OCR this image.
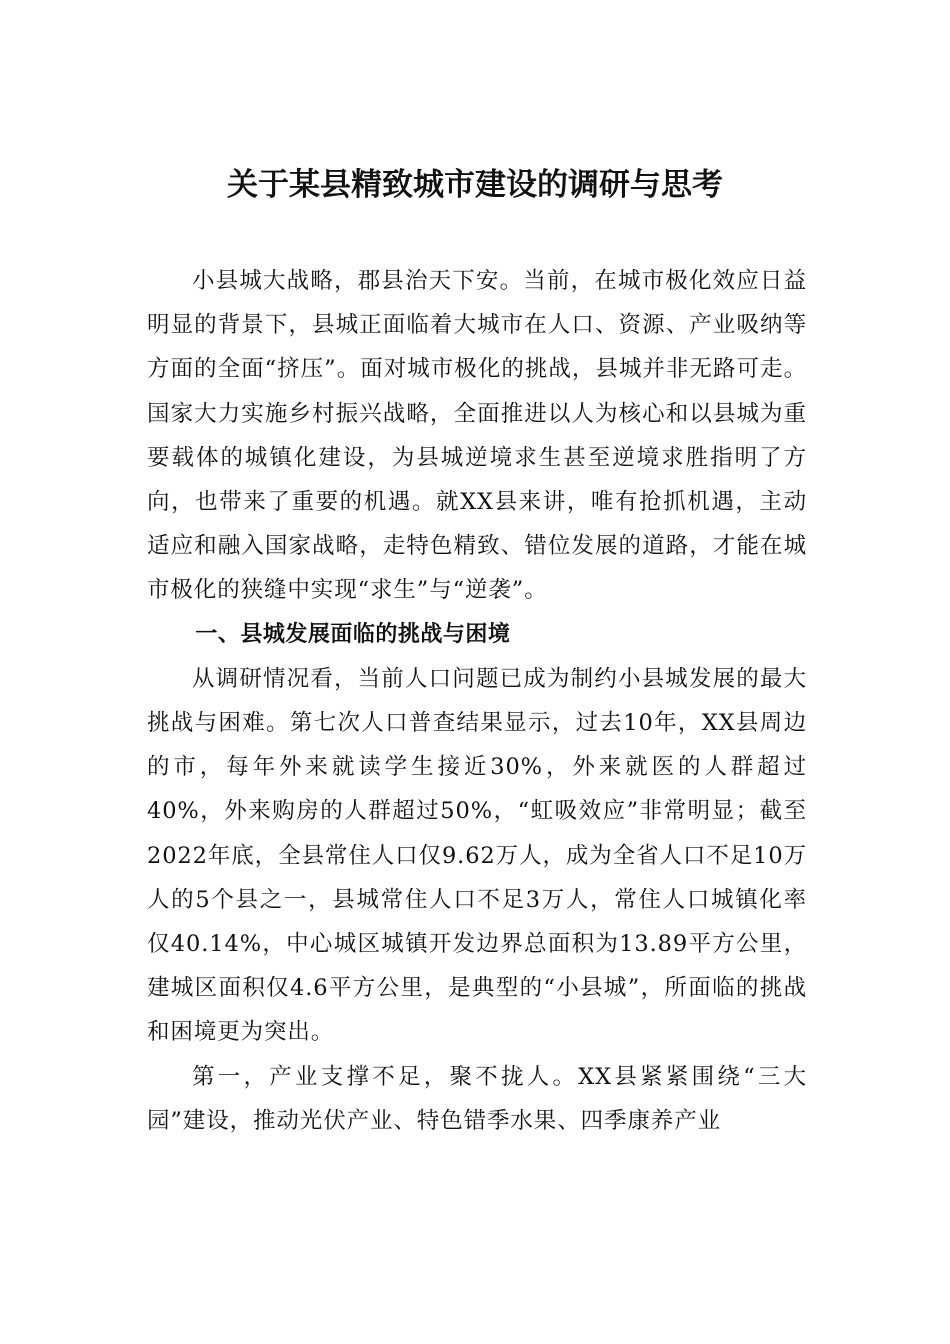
关于某县精致城市建设的调研与思考

小县城大战略，郡县治天下安。当前，在城市极化效应日益明显的背景下，县城正面临着大城市在人口、资源、产业吸纳等方面的全面“挤压”。面对城市极化的挑战，县城并非无路可走。国家大力实施乡村振兴战略，全面推进以人为核心和以县城为重要载体的城镇化建设，为县城逆境求生甚至逆境求胜指明了方向，也带来了重要的机遇。就XX县来讲，唯有抢抓机遇，主动适应和融入国家战略，走特色精致、错位发展的道路，才能在城市极化的狭缝中实现“求生”与“逆袭”。

一、县城发展面临的挑战与困境

从调研情况看，当前人口问题已成为制约小县城发展的最大挑战与困难。第七次人口普查结果显示，过去10年，XX县周边的市，每年外来就读学生接近30%，外来就医的人群超过40%，外来购房的人群超过50%，“虹吸效应”非常明显；截至2022年底，全县常住人口仅9.62万人，成为全省人口不足10万人的5个县之一，县城常住人口不足3万人，常住人口城镇化率仅40.14%，中心城区城镇开发边界总面积为13.89平方公里，建城区面积仅4.6平方公里，是典型的“小县城”，所面临的挑战和困境更为突出。

第一，产业支撑不足，聚不拢人。XX县紧紧围绕“三大园”建设，推动光伏产业、特色错季水果、四季康养产业
